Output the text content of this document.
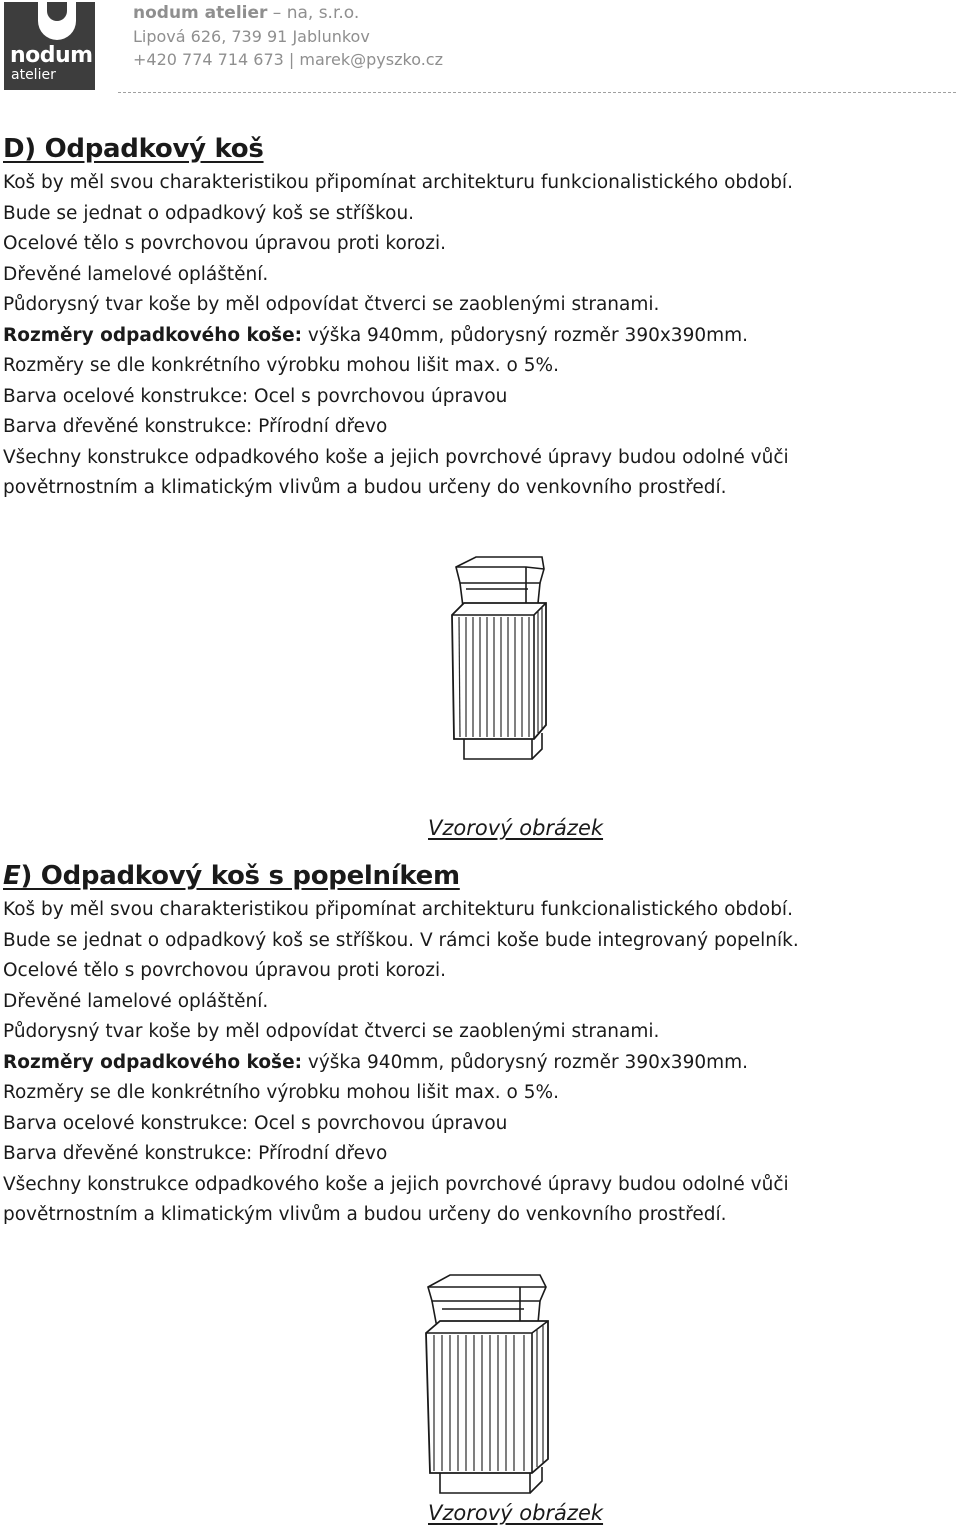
nodum
atelier
nodum atelier – na, s.r.o.
Lipová 626, 739 91 Jablunkov
+420 774 714 673 | marek@pyszko.cz
D) Odpadkový koš

Koš by měl svou charakteristikou připomínat architekturu funkcionalistického období.

Bude se jednat o odpadkový koš se stříškou.

Ocelové tělo s povrchovou úpravou proti korozi.

Dřevěné lamelové opláštění.

Půdorysný tvar koše by měl odpovídat čtverci se zaoblenými stranami.

Rozměry odpadkového koše: výška 940mm, půdorysný rozměr 390x390mm.

Rozměry se dle konkrétního výrobku mohou lišit max. o 5%.

Barva ocelové konstrukce: Ocel s povrchovou úpravou

Barva dřevěné konstrukce: Přírodní dřevo

Všechny konstrukce odpadkového koše a jejich povrchové úpravy budou odolné vůči

povětrnostním a klimatickým vlivům a budou určeny do venkovního prostředí.

Vzorový obrázek
E) Odpadkový koš s popelníkem

Koš by měl svou charakteristikou připomínat architekturu funkcionalistického období.

Bude se jednat o odpadkový koš se stříškou. V rámci koše bude integrovaný popelník.

Ocelové tělo s povrchovou úpravou proti korozi.

Dřevěné lamelové opláštění.

Půdorysný tvar koše by měl odpovídat čtverci se zaoblenými stranami.

Rozměry odpadkového koše: výška 940mm, půdorysný rozměr 390x390mm.

Rozměry se dle konkrétního výrobku mohou lišit max. o 5%.

Barva ocelové konstrukce: Ocel s povrchovou úpravou

Barva dřevěné konstrukce: Přírodní dřevo

Všechny konstrukce odpadkového koše a jejich povrchové úpravy budou odolné vůči

povětrnostním a klimatickým vlivům a budou určeny do venkovního prostředí.

Vzorový obrázek
